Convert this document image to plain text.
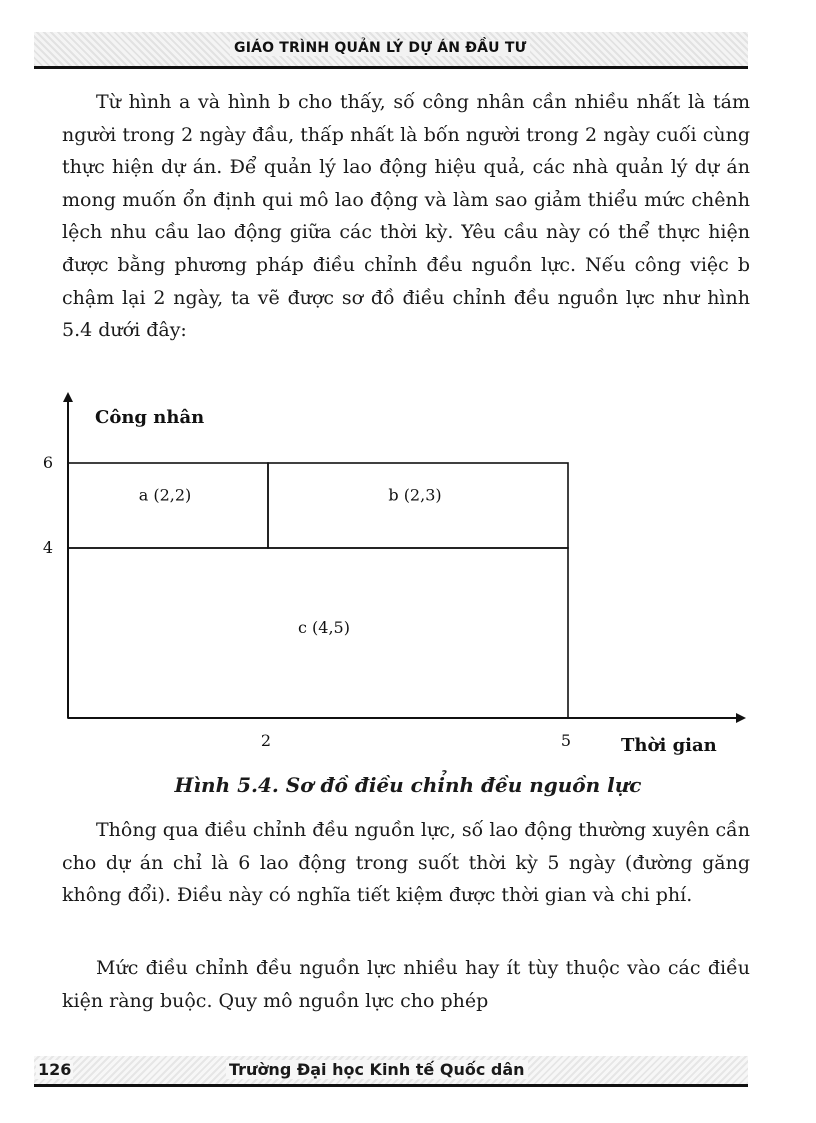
GIÁO TRÌNH QUẢN LÝ DỰ ÁN ĐẦU TƯ

Từ hình a và hình b cho thấy, số công nhân cần nhiều nhất là tám người trong 2 ngày đầu, thấp nhất là bốn người trong 2 ngày cuối cùng thực hiện dự án. Để quản lý lao động hiệu quả, các nhà quản lý dự án mong muốn ổn định qui mô lao động và làm sao giảm thiểu mức chênh lệch nhu cầu lao động giữa các thời kỳ. Yêu cầu này có thể thực hiện được bằng phương pháp điều chỉnh đều nguồn lực. Nếu công việc b chậm lại 2 ngày, ta vẽ được sơ đồ điều chỉnh đều nguồn lực như hình 5.4 dưới đây:

Công nhân
Thời gian
a (2,2)	b (2,3)
c (4,5)
4
6
2	5

Hình 5.4. Sơ đồ điều chỉnh đều nguồn lực

Thông qua điều chỉnh đều nguồn lực, số lao động thường xuyên cần cho dự án chỉ là 6 lao động trong suốt thời kỳ 5 ngày (đường găng không đổi). Điều này có nghĩa tiết kiệm được thời gian và chi phí.

Mức điều chỉnh đều nguồn lực nhiều hay ít tùy thuộc vào các điều kiện ràng buộc. Quy mô nguồn lực cho phép

126	Trường Đại học Kinh tế Quốc dân
